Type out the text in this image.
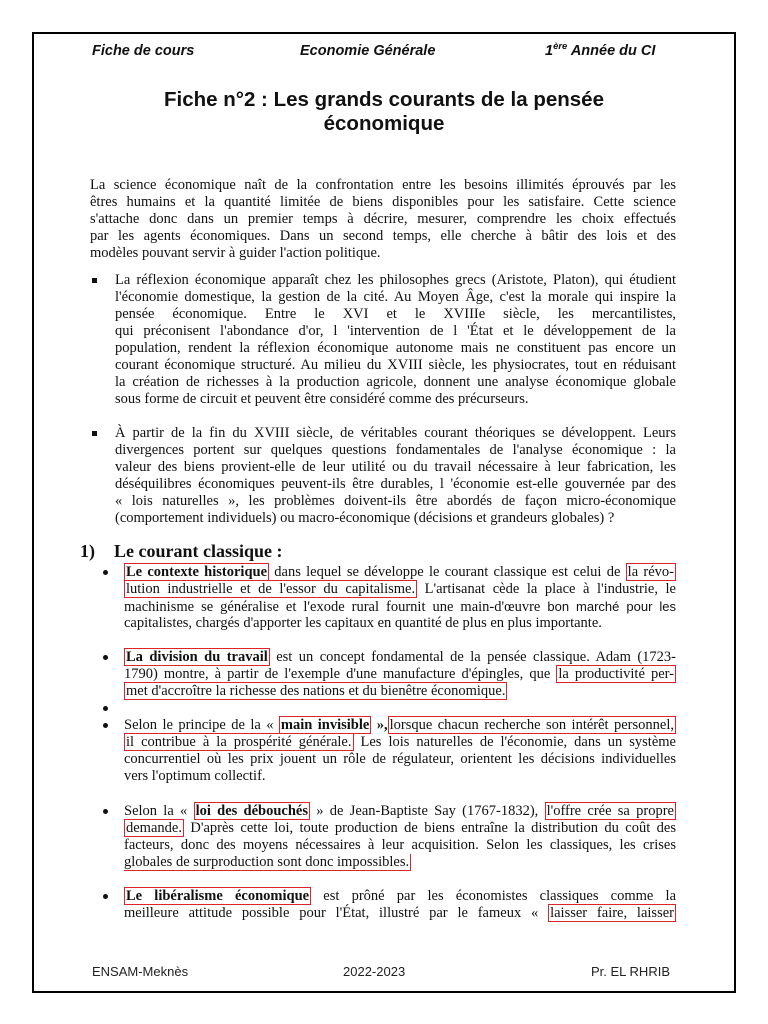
Fiche de cours	Economie Générale	1ère Année du CI
Fiche n°2 : Les grands courants de la pensée
économique
La science économique naît de la confrontation entre les besoins illimités éprouvés par les
êtres humains et la quantité limitée de biens disponibles pour les satisfaire. Cette science
s'attache donc dans un premier temps à décrire, mesurer, comprendre les choix effectués
par les agents économiques. Dans un second temps, elle cherche à bâtir des lois et des
modèles pouvant servir à guider l'action politique.
La réflexion économique apparaît chez les philosophes grecs (Aristote, Platon), qui étudient
l'économie domestique, la gestion de la cité. Au Moyen Âge, c'est la morale qui inspire la
pensée économique. Entre le XVI et le XVIIIe siècle, les mercantilistes,
qui préconisent l'abondance d'or, l 'intervention de l 'État et le développement de la
population, rendent la réflexion économique autonome mais ne constituent pas encore un
courant économique structuré. Au milieu du XVIII siècle, les physiocrates, tout en réduisant
la création de richesses à la production agricole, donnent une analyse économique globale
sous forme de circuit et peuvent être considéré comme des précurseurs.
À partir de la fin du XVIII siècle, de véritables courant théoriques se développent. Leurs
divergences portent sur quelques questions fondamentales de l'analyse économique : la
valeur des biens provient-elle de leur utilité ou du travail nécessaire à leur fabrication, les
déséquilibres économiques peuvent-ils être durables, l 'économie est-elle gouvernée par des
« lois naturelles », les problèmes doivent-ils être abordés de façon micro-économique
(comportement individuels) ou macro-économique (décisions et grandeurs globales) ?
1) Le courant classique :
Le contexte historique dans lequel se développe le courant classique est celui de la révo-
lution industrielle et de l'essor du capitalisme. L'artisanat cède la place à l'industrie, le
machinisme se généralise et l'exode rural fournit une main-d'œuvre bon marché pour les
capitalistes, chargés d'apporter les capitaux en quantité de plus en plus importante.
La division du travail est un concept fondamental de la pensée classique. Adam (1723-
1790) montre, à partir de l'exemple d'une manufacture d'épingles, que la productivité per-
met d'accroître la richesse des nations et du bienêtre économique.
Selon le principe de la « main invisible », lorsque chacun recherche son intérêt personnel,
il contribue à la prospérité générale. Les lois naturelles de l'économie, dans un système
concurrentiel où les prix jouent un rôle de régulateur, orientent les décisions individuelles
vers l'optimum collectif.
Selon la « loi des débouchés » de Jean-Baptiste Say (1767-1832), l'offre crée sa propre
demande. D'après cette loi, toute production de biens entraîne la distribution du coût des
facteurs, donc des moyens nécessaires à leur acquisition. Selon les classiques, les crises
globales de surproduction sont donc impossibles.
Le libéralisme économique est prôné par les économistes classiques comme la
meilleure attitude possible pour l'État, illustré par le fameux « laisser faire, laisser
ENSAM-Meknès	2022-2023	Pr. EL RHRIB
